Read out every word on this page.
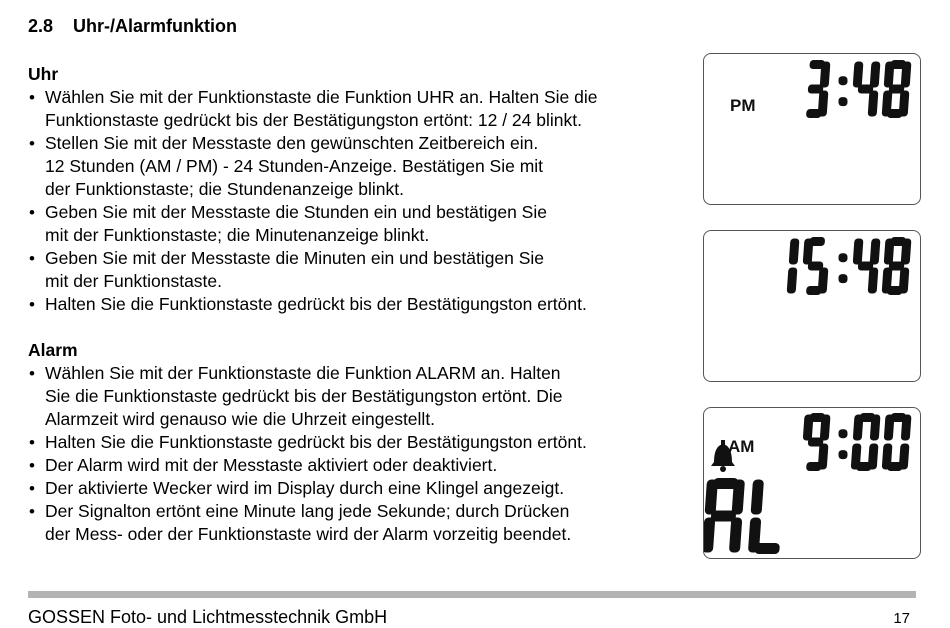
2.8 Uhr-/Alarmfunktion
Uhr
• Wählen Sie mit der Funktionstaste die Funktion UHR an. Halten Sie die
Funktionstaste gedrückt bis der Bestätigungston ertönt: 12 / 24 blinkt.
• Stellen Sie mit der Messtaste den gewünschten Zeitbereich ein.
12 Stunden (AM / PM) - 24 Stunden-Anzeige. Bestätigen Sie mit
der Funktionstaste; die Stundenanzeige blinkt.
• Geben Sie mit der Messtaste die Stunden ein und bestätigen Sie
mit der Funktionstaste; die Minutenanzeige blinkt.
• Geben Sie mit der Messtaste die Minuten ein und bestätigen Sie
mit der Funktionstaste.
• Halten Sie die Funktionstaste gedrückt bis der Bestätigungston ertönt.
Alarm
• Wählen Sie mit der Funktionstaste die Funktion ALARM an. Halten
Sie die Funktionstaste gedrückt bis der Bestätigungston ertönt. Die
Alarmzeit wird genauso wie die Uhrzeit eingestellt.
• Halten Sie die Funktionstaste gedrückt bis der Bestätigungston ertönt.
• Der Alarm wird mit der Messtaste aktiviert oder deaktiviert.
• Der aktivierte Wecker wird im Display durch eine Klingel angezeigt.
• Der Signalton ertönt eine Minute lang jede Sekunde; durch Drücken
der Mess- oder der Funktionstaste wird der Alarm vorzeitig beendet.
PM
AM
GOSSEN Foto- und Lichtmesstechnik GmbH	17
